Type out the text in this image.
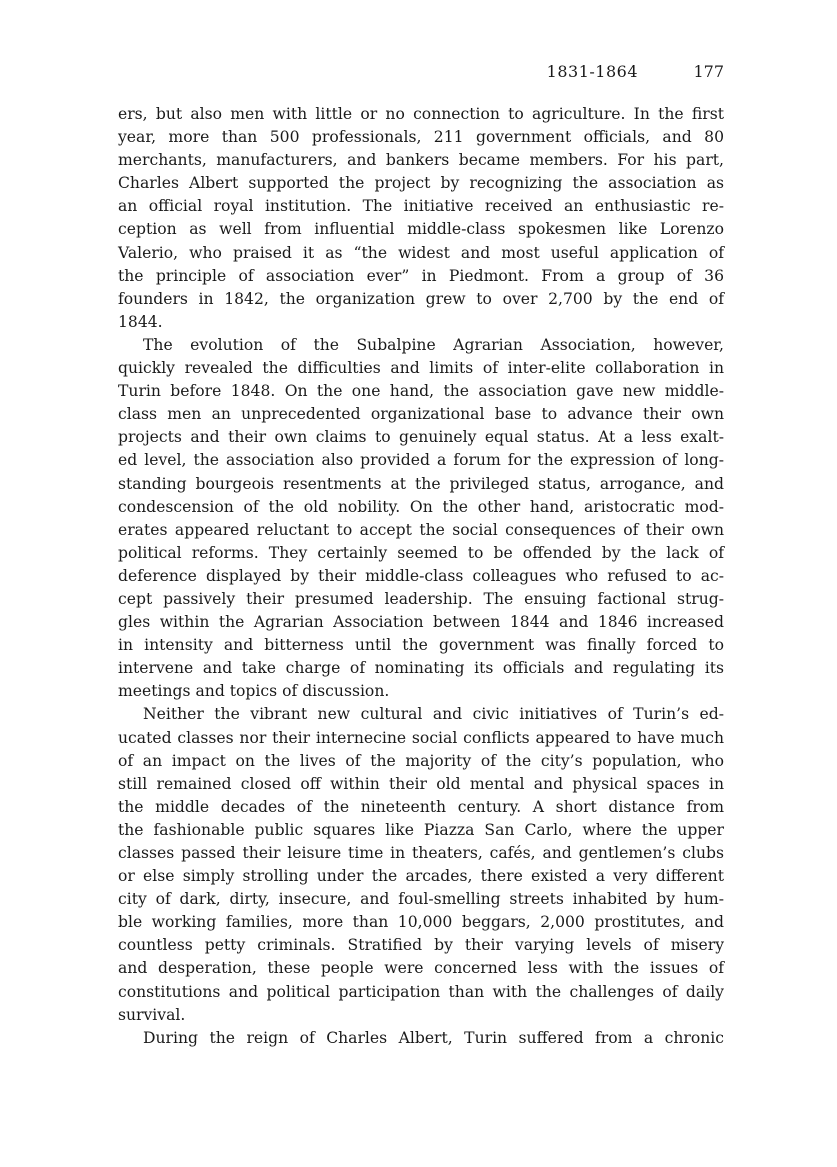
1831-1864	177
ers, but also men with little or no connection to agriculture. In the first
year, more than 500 professionals, 211 government officials, and 80
merchants, manufacturers, and bankers became members. For his part,
Charles Albert supported the project by recognizing the association as
an official royal institution. The initiative received an enthusiastic re-
ception as well from influential middle-class spokesmen like Lorenzo
Valerio, who praised it as “the widest and most useful application of
the principle of association ever” in Piedmont. From a group of 36
founders in 1842, the organization grew to over 2,700 by the end of
1844.
The evolution of the Subalpine Agrarian Association, however,
quickly revealed the difficulties and limits of inter-elite collaboration in
Turin before 1848. On the one hand, the association gave new middle-
class men an unprecedented organizational base to advance their own
projects and their own claims to genuinely equal status. At a less exalt-
ed level, the association also provided a forum for the expression of long-
standing bourgeois resentments at the privileged status, arrogance, and
condescension of the old nobility. On the other hand, aristocratic mod-
erates appeared reluctant to accept the social consequences of their own
political reforms. They certainly seemed to be offended by the lack of
deference displayed by their middle-class colleagues who refused to ac-
cept passively their presumed leadership. The ensuing factional strug-
gles within the Agrarian Association between 1844 and 1846 increased
in intensity and bitterness until the government was finally forced to
intervene and take charge of nominating its officials and regulating its
meetings and topics of discussion.
Neither the vibrant new cultural and civic initiatives of Turin’s ed-
ucated classes nor their internecine social conflicts appeared to have much
of an impact on the lives of the majority of the city’s population, who
still remained closed off within their old mental and physical spaces in
the middle decades of the nineteenth century. A short distance from
the fashionable public squares like Piazza San Carlo, where the upper
classes passed their leisure time in theaters, cafés, and gentlemen’s clubs
or else simply strolling under the arcades, there existed a very different
city of dark, dirty, insecure, and foul-smelling streets inhabited by hum-
ble working families, more than 10,000 beggars, 2,000 prostitutes, and
countless petty criminals. Stratified by their varying levels of misery
and desperation, these people were concerned less with the issues of
constitutions and political participation than with the challenges of daily
survival.
During the reign of Charles Albert, Turin suffered from a chronic
